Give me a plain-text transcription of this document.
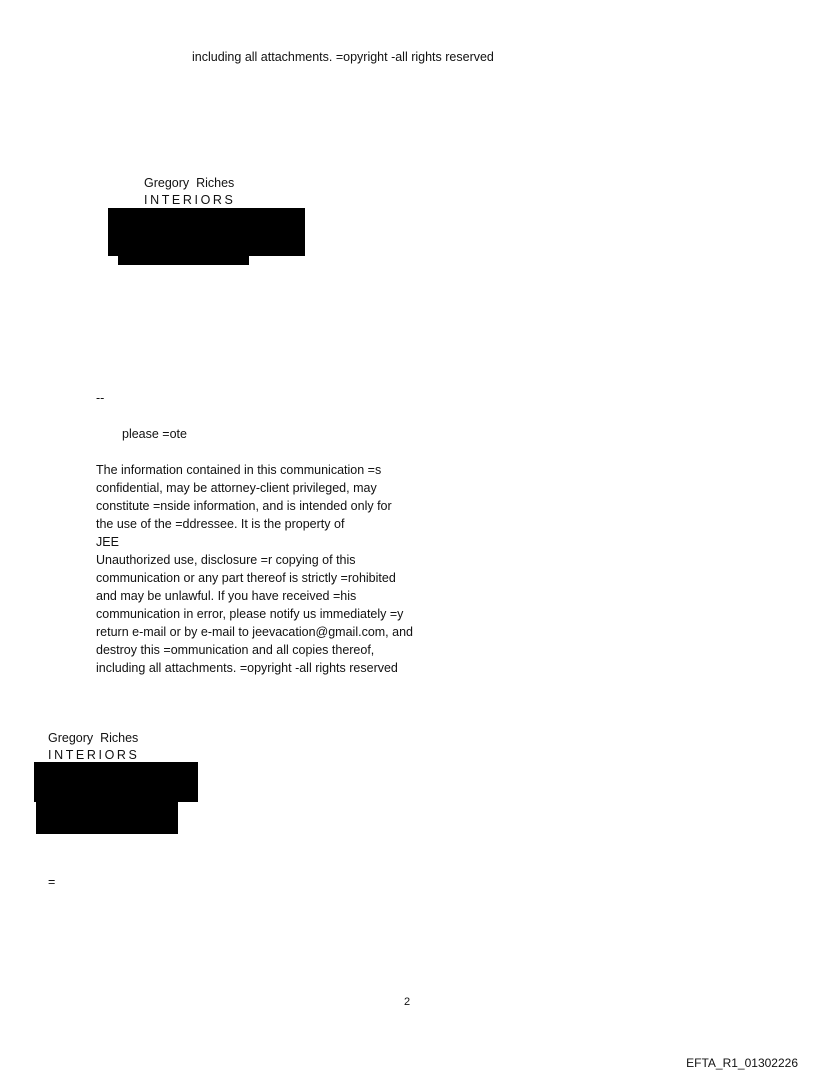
including all attachments. =opyright -all rights reserved
Gregory  Riches
INTERIORS
--
please =ote
The information contained in this communication =s
confidential, may be attorney-client privileged, may
constitute =nside information, and is intended only for
the use of the =ddressee. It is the property of
JEE
Unauthorized use, disclosure =r copying of this
communication or any part thereof is strictly =rohibited
and may be unlawful. If you have received =his
communication in error, please notify us immediately =y
return e-mail or by e-mail to jeevacation@gmail.com, and
destroy this =ommunication and all copies thereof,
including all attachments. =opyright -all rights reserved
Gregory  Riches
INTERIORS
=
2
EFTA_R1_01302226
